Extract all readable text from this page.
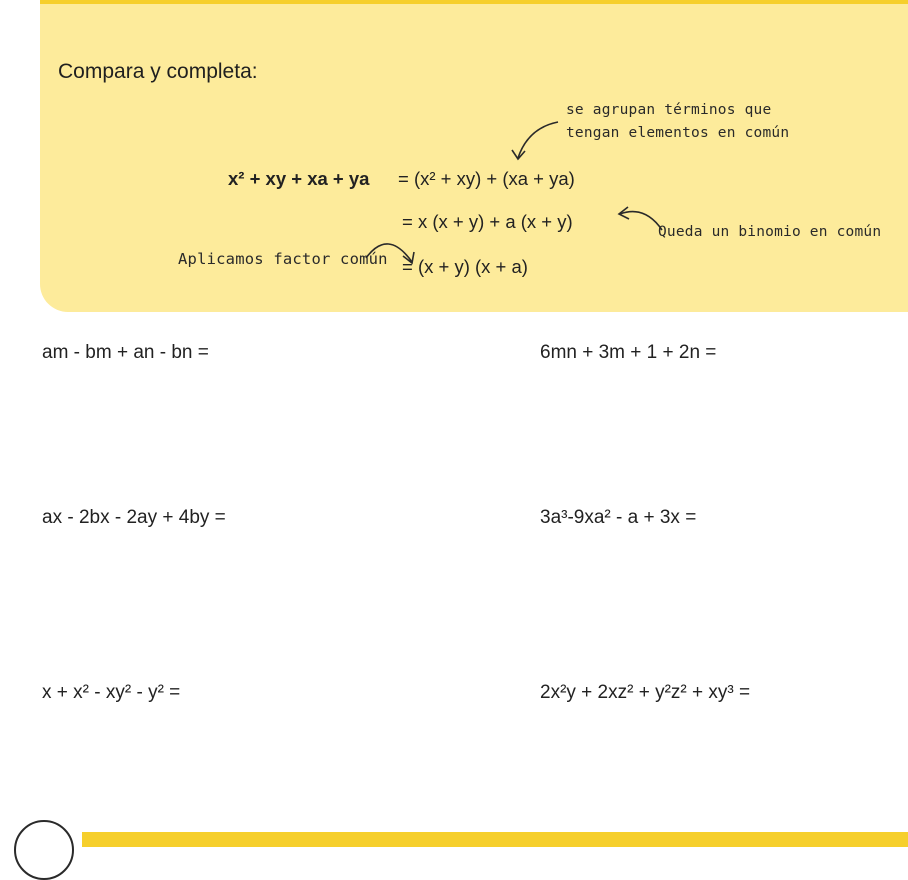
Compara y completa:
se agrupan términos que
tengan elementos en común
x² + xy + xa + ya = (x² + xy) + (xa + ya)
= x (x + y) + a (x + y)	Queda un binomio en común
Aplicamos factor común = (x + y) (x + a)
am - bm + an - bn =	6mn + 3m + 1 + 2n =
ax - 2bx - 2ay + 4by =	3a³-9xa² - a + 3x =
x + x² - xy² - y² =	2x²y + 2xz² + y²z² + xy³ =
